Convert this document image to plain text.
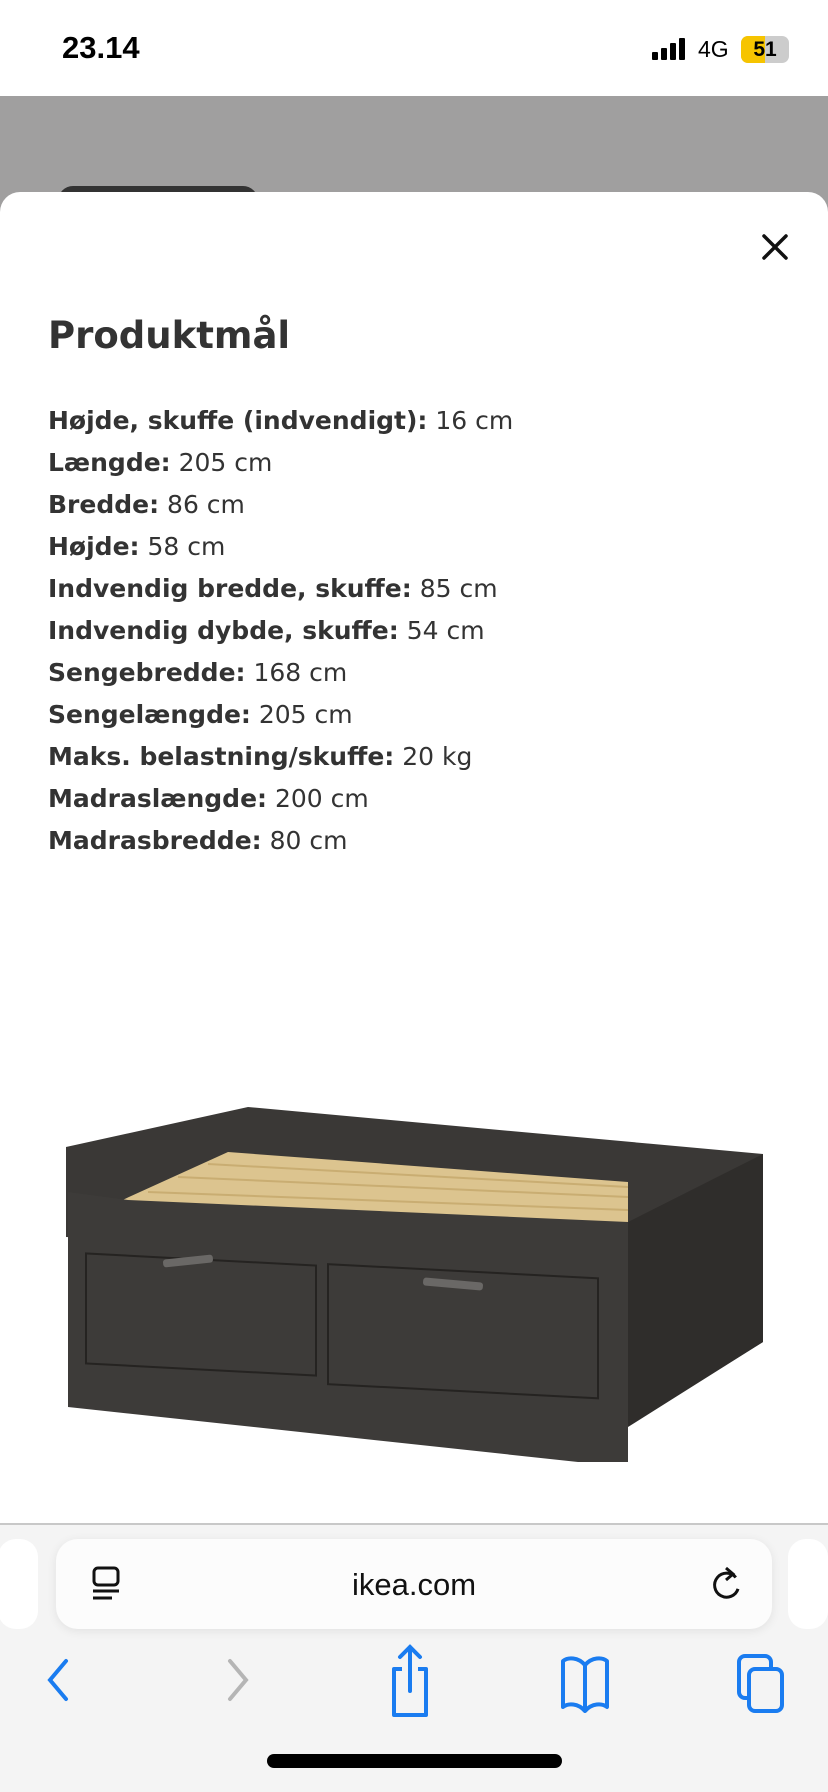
23.14	4G	51
Produktmål
Højde, skuffe (indvendigt): 16 cm
Længde: 205 cm
Bredde: 86 cm
Højde: 58 cm
Indvendig bredde, skuffe: 85 cm
Indvendig dybde, skuffe: 54 cm
Sengebredde: 168 cm
Sengelængde: 205 cm
Maks. belastning/skuffe: 20 kg
Madraslængde: 200 cm
Madrasbredde: 80 cm
ikea.com
